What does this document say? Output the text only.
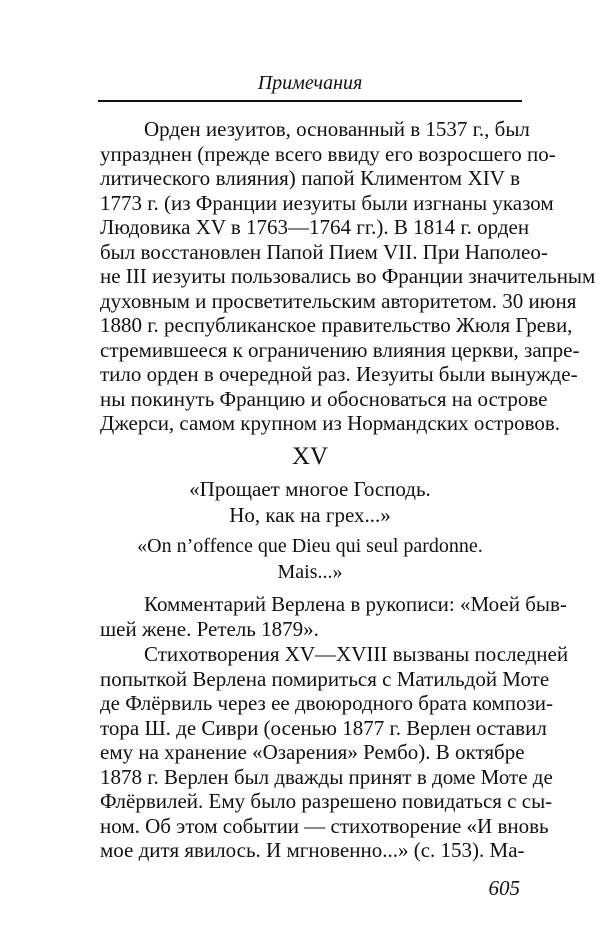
Примечания
Орден иезуитов, основанный в 1537 г., был
упразднен (прежде всего ввиду его возросшего по-
литического влияния) папой Климентом XIV в
1773 г. (из Франции иезуиты были изгнаны указом
Людовика XV в 1763—1764 гг.). В 1814 г. орден
был восстановлен Папой Пием VII. При Наполео-
не III иезуиты пользовались во Франции значительным
духовным и просветительским авторитетом. 30 июня
1880 г. республиканское правительство Жюля Греви,
стремившееся к ограничению влияния церкви, запре-
тило орден в очередной раз. Иезуиты были вынужде-
ны покинуть Францию и обосноваться на острове
Джерси, самом крупном из Нормандских островов.
XV
«Прощает многое Господь.
Но, как на грех...»
«On n’offence que Dieu qui seul pardonne.
Mais...»
Комментарий Верлена в рукописи: «Моей быв-
шей жене. Ретель 1879».
Стихотворения XV—XVIII вызваны последней
попыткой Верлена помириться с Матильдой Моте
де Флёрвиль через ее двоюродного брата компози-
тора Ш. де Сиври (осенью 1877 г. Верлен оставил
ему на хранение «Озарения» Рембо). В октябре
1878 г. Верлен был дважды принят в доме Моте де
Флёрвилей. Ему было разрешено повидаться с сы-
ном. Об этом событии — стихотворение «И вновь
мое дитя явилось. И мгновенно...» (с. 153). Ма-
605
